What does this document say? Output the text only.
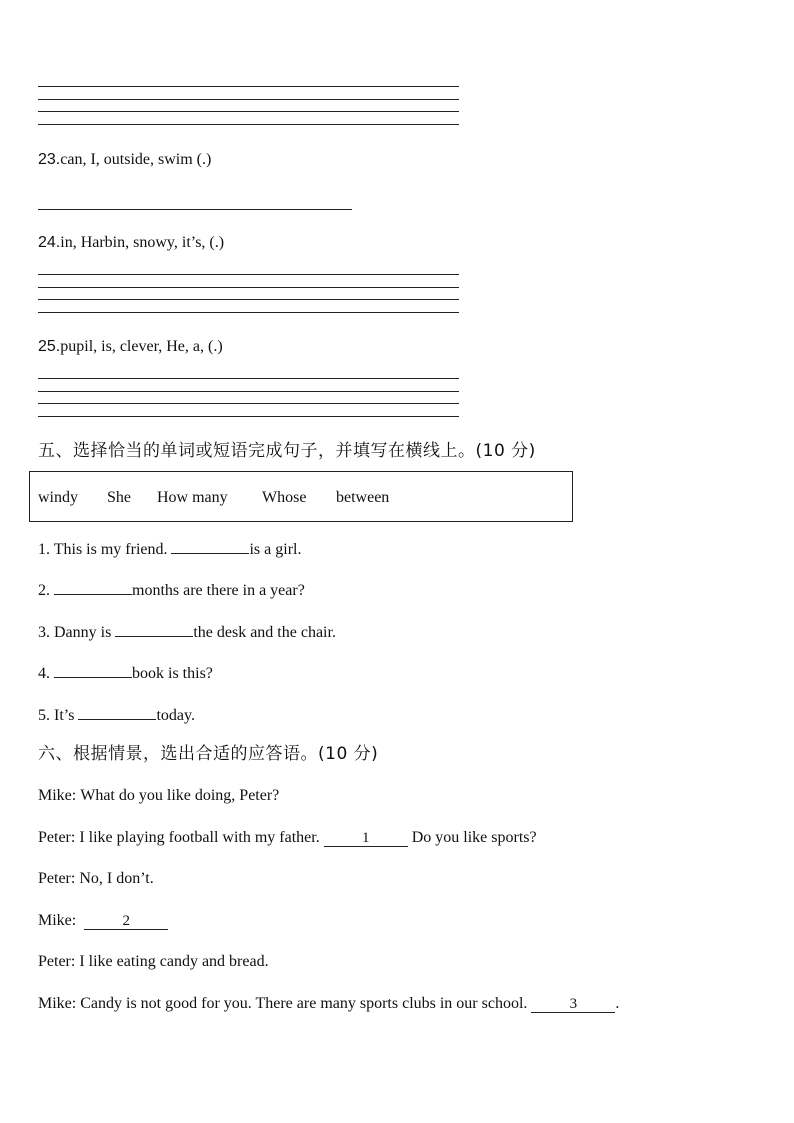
23.can, I, outside, swim (.)
24.in, Harbin, snowy, it’s, (.)
25.pupil, is, clever, He, a, (.)
五、选择恰当的单词或短语完成句子，并填写在横线上。(10 分)
windy She How many Whose between
1. This is my friend.	is a girl.
2.	months are there in a year?
3. Danny is	the desk and the chair.
4.	book is this?
5. It’s	today.
六、根据情景，选出合适的应答语。(10 分)
Mike: What do you like doing, Peter?
Peter: I like playing football with my father.	1	Do you like sports?
Peter: No, I don’t.
Mike:	2
Peter: I like eating candy and bread.
Mike: Candy is not good for you. There are many sports clubs in our school.	3 .
